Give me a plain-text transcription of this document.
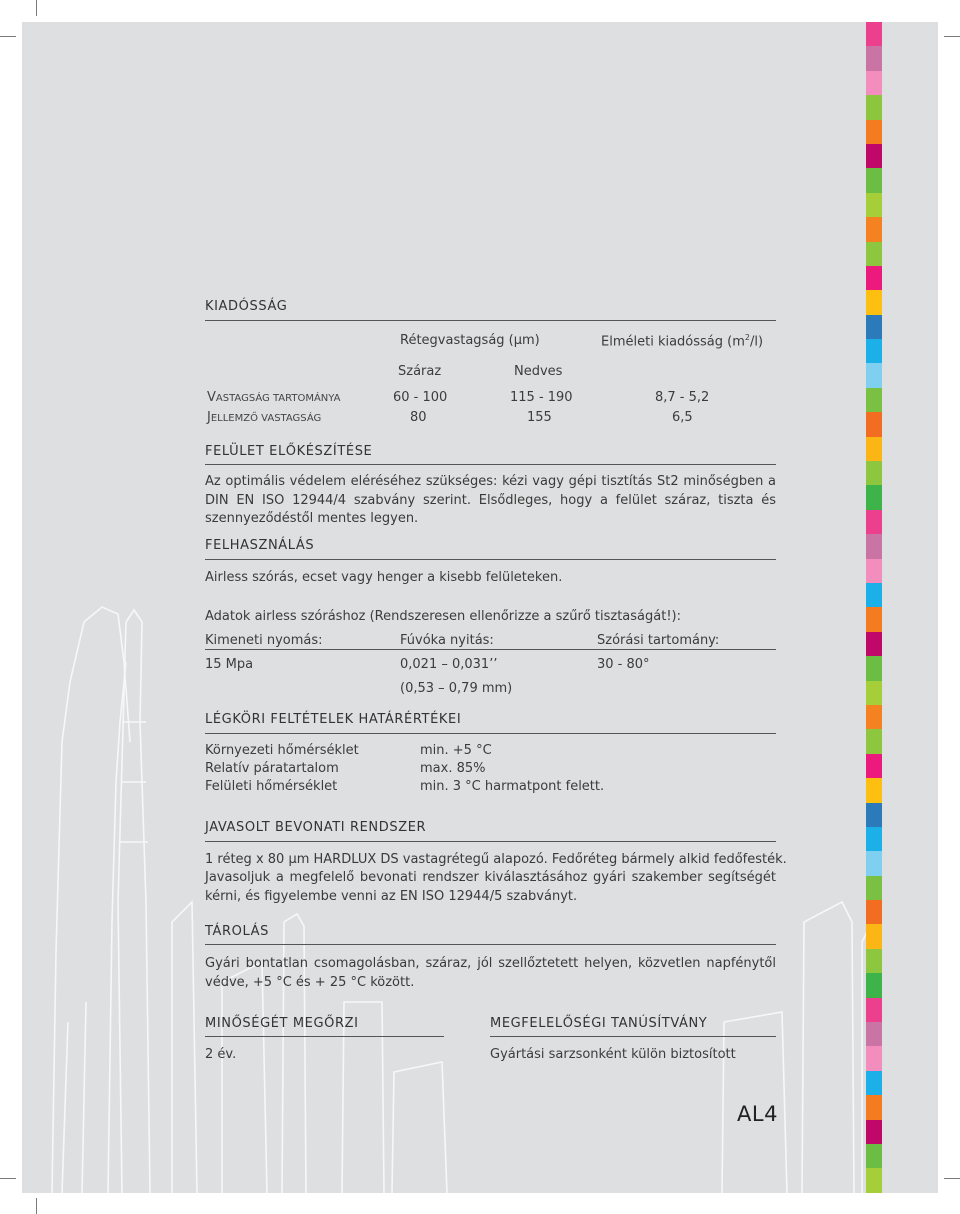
KIADÓSSÁG
Rétegvastagság (µm)	Elméleti kiadósság $(m^2/l)$
Száraz	Nedves
VASTAGSÁG TARTOMÁNYA	60 - 100	115 - 190	8,7 - 5,2
JELLEMZŐ VASTAGSÁG	80	155	6,5
FELÜLET ELŐKÉSZÍTÉSE
Az optimális védelem eléréséhez szükséges: kézi vagy gépi tisztítás St2 minőségben a DIN EN ISO 12944/4 szabvány szerint. Elsődleges, hogy a felület száraz, tiszta és szennyeződéstől mentes legyen.
FELHASZNÁLÁS
Airless szórás, ecset vagy henger a kisebb felületeken.
Adatok airless szóráshoz (Rendszeresen ellenőrizze a szűrő tisztaságát!):
Kimeneti nyomás:	Fúvóka nyitás:	Szórási tartomány:
15 Mpa	0,021 – 0,031’’	30 - 80°
(0,53 – 0,79 mm)
LÉGKÖRI FELTÉTELEK HATÁRÉRTÉKEI
Környezeti hőmérséklet	min. +5 °C
Relatív páratartalom	max. 85%
Felületi hőmérséklet	min. 3 °C harmatpont felett.
JAVASOLT BEVONATI RENDSZER
1 réteg x 80 µm HARDLUX DS vastagrétegű alapozó. Fedőréteg bármely alkid fedőfesték.
Javasoljuk a megfelelő bevonati rendszer kiválasztásához gyári szakember segítségét kérni, és figyelembe venni az EN ISO 12944/5 szabványt.
TÁROLÁS
Gyári bontatlan csomagolásban, száraz, jól szellőztetett helyen, közvetlen napfénytől védve, +5 °C és + 25 °C között.
MINŐSÉGÉT MEGŐRZI
2 év.
MEGFELELŐSÉGI TANÚSÍTVÁNY
Gyártási sarzsonként külön biztosított
AL4
